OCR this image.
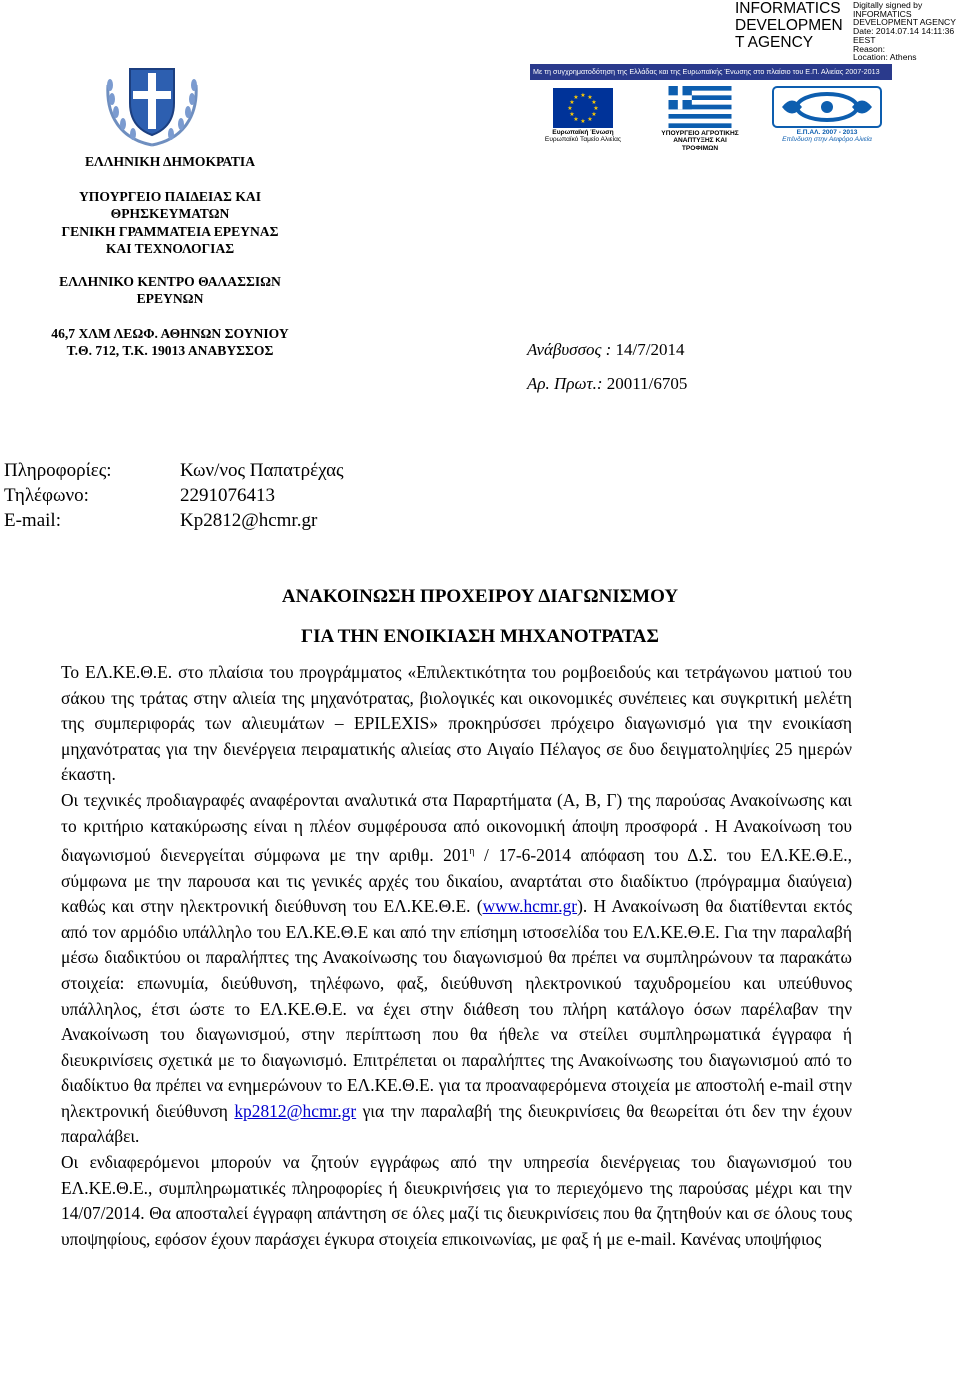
INFORMATICS
DEVELOPMEN
T AGENCY
Digitally signed by
INFORMATICS
DEVELOPMENT AGENCY
Date: 2014.07.14 14:11:36
EEST
Reason:
Location: Athens
Με τη συγχρηματοδότηση της Ελλάδας και της Ευρωπαϊκής Ένωσης στο πλαίσιο του Ε.Π. Αλιείας 2007-2013
★ ★
★
★
★
★
★
★
★
★
★
★
Ευρωπαϊκή Ένωση
Ευρωπαϊκό Ταμείο Αλιείας
ΥΠΟΥΡΓΕΙΟ ΑΓΡΟΤΙΚΗΣ
ΑΝΑΠΤΥΞΗΣ ΚΑΙ ΤΡΟΦΙΜΩΝ
Ε.Π.ΑΛ. 2007 - 2013
Επένδυση στην Αειφόρο Αλιεία
ΕΛΛΗΝΙΚΗ ΔΗΜΟΚΡΑΤΙΑ
ΥΠΟΥΡΓΕΙΟ ΠΑΙΔΕΙΑΣ ΚΑΙ
ΘΡΗΣΚΕΥΜΑΤΩΝ
ΓΕΝΙΚΗ ΓΡΑΜΜΑΤΕΙΑ ΕΡΕΥΝΑΣ
ΚΑΙ ΤΕΧΝΟΛΟΓΙΑΣ
ΕΛΛΗΝΙΚΟ ΚΕΝΤΡΟ ΘΑΛΑΣΣΙΩΝ
ΕΡΕΥΝΩΝ
46,7 ΧΛΜ ΛΕΩΦ. ΑΘΗΝΩΝ ΣΟΥΝΙΟΥ
Τ.Θ. 712, Τ.Κ. 19013 ΑΝΑΒΥΣΣΟΣ	Ανάβυσσος : 14/7/2014
Αρ. Πρωτ.: 20011/6705
Πληροφορίες:	Κων/νος Παπατρέχας
Τηλέφωνο:	2291076413
E-mail:	Kp2812@hcmr.gr
ΑΝΑΚΟΙΝΩΣΗ ΠΡΟΧΕΙΡΟΥ ΔΙΑΓΩΝΙΣΜΟΥ
ΓΙΑ ΤΗΝ ΕΝΟΙΚΙΑΣΗ ΜΗΧΑΝΟΤΡΑΤΑΣ

Το ΕΛ.ΚΕ.Θ.Ε. στο πλαίσια του προγράμματος «Επιλεκτικότητα του ρομβοειδούς και τετράγωνου ματιού του σάκου της τράτας στην αλιεία της μηχανότρατας, βιολογικές και οικονομικές συνέπειες και συγκριτική μελέτη της συμπεριφοράς των αλιευμάτων – EPILEXIS» προκηρύσσει πρόχειρο διαγωνισμό για την ενοικίαση μηχανότρατας για την διενέργεια πειραματικής αλιείας στο Αιγαίο Πέλαγος σε δυο δειγματοληψίες 25 ημερών έκαστη.

Οι τεχνικές προδιαγραφές αναφέρονται αναλυτικά στα Παραρτήματα (Α, Β, Γ) της παρούσας Ανακοίνωσης και το κριτήριο κατακύρωσης είναι η πλέον συμφέρουσα από οικονομική άποψη προσφορά . Η Ανακοίνωση του διαγωνισμού διενεργείται σύμφωνα με την αριθμ. $201^\eta / 17-6-2014$ απόφαση του Δ.Σ. του ΕΛ.ΚΕ.Θ.Ε., σύμφωνα με την παρουσα και τις γενικές αρχές του δικαίου, αναρτάται στο διαδίκτυο (πρόγραμμα διαύγεια) καθώς και στην ηλεκτρονική διεύθυνση του ΕΛ.ΚΕ.Θ.Ε. (www.hcmr.gr). Η Ανακοίνωση θα διατίθενται εκτός από τον αρμόδιο υπάλληλο του ΕΛ.ΚΕ.Θ.Ε και από την επίσημη ιστοσελίδα του ΕΛ.ΚΕ.Θ.Ε. Για την παραλαβή μέσω διαδικτύου οι παραλήπτες της Ανακοίνωσης του διαγωνισμού θα πρέπει να συμπληρώνουν τα παρακάτω στοιχεία: επωνυμία, διεύθυνση, τηλέφωνο, φαξ, διεύθυνση ηλεκτρονικού ταχυδρομείου και υπεύθυνος υπάλληλος, έτσι ώστε το ΕΛ.ΚΕ.Θ.Ε. να έχει στην διάθεση του πλήρη κατάλογο όσων παρέλαβαν την Ανακοίνωση του διαγωνισμού, στην περίπτωση που θα ήθελε να στείλει συμπληρωματικά έγγραφα ή διευκρινίσεις σχετικά με το διαγωνισμό. Επιτρέπεται οι παραλήπτες της Ανακοίνωσης του διαγωνισμού από το διαδίκτυο θα πρέπει να ενημερώνουν το ΕΛ.ΚΕ.Θ.Ε. για τα προαναφερόμενα στοιχεία με αποστολή e-mail στην ηλεκτρονική διεύθυνση kp2812@hcmr.gr για την παραλαβή της διευκρινίσεις θα θεωρείται ότι δεν την έχουν παραλάβει.

Οι ενδιαφερόμενοι μπορούν να ζητούν εγγράφως από την υπηρεσία διενέργειας του διαγωνισμού του ΕΛ.ΚΕ.Θ.Ε., συμπληρωματικές πληροφορίες ή διευκρινήσεις για το περιεχόμενο της παρούσας μέχρι και την 14/07/2014. Θα αποσταλεί έγγραφη απάντηση σε όλες μαζί τις διευκρινίσεις που θα ζητηθούν και σε όλους τους υποψηφίους, εφόσον έχουν παράσχει έγκυρα στοιχεία επικοινωνίας, με φαξ ή με e-mail. Κανένας υποψήφιος
